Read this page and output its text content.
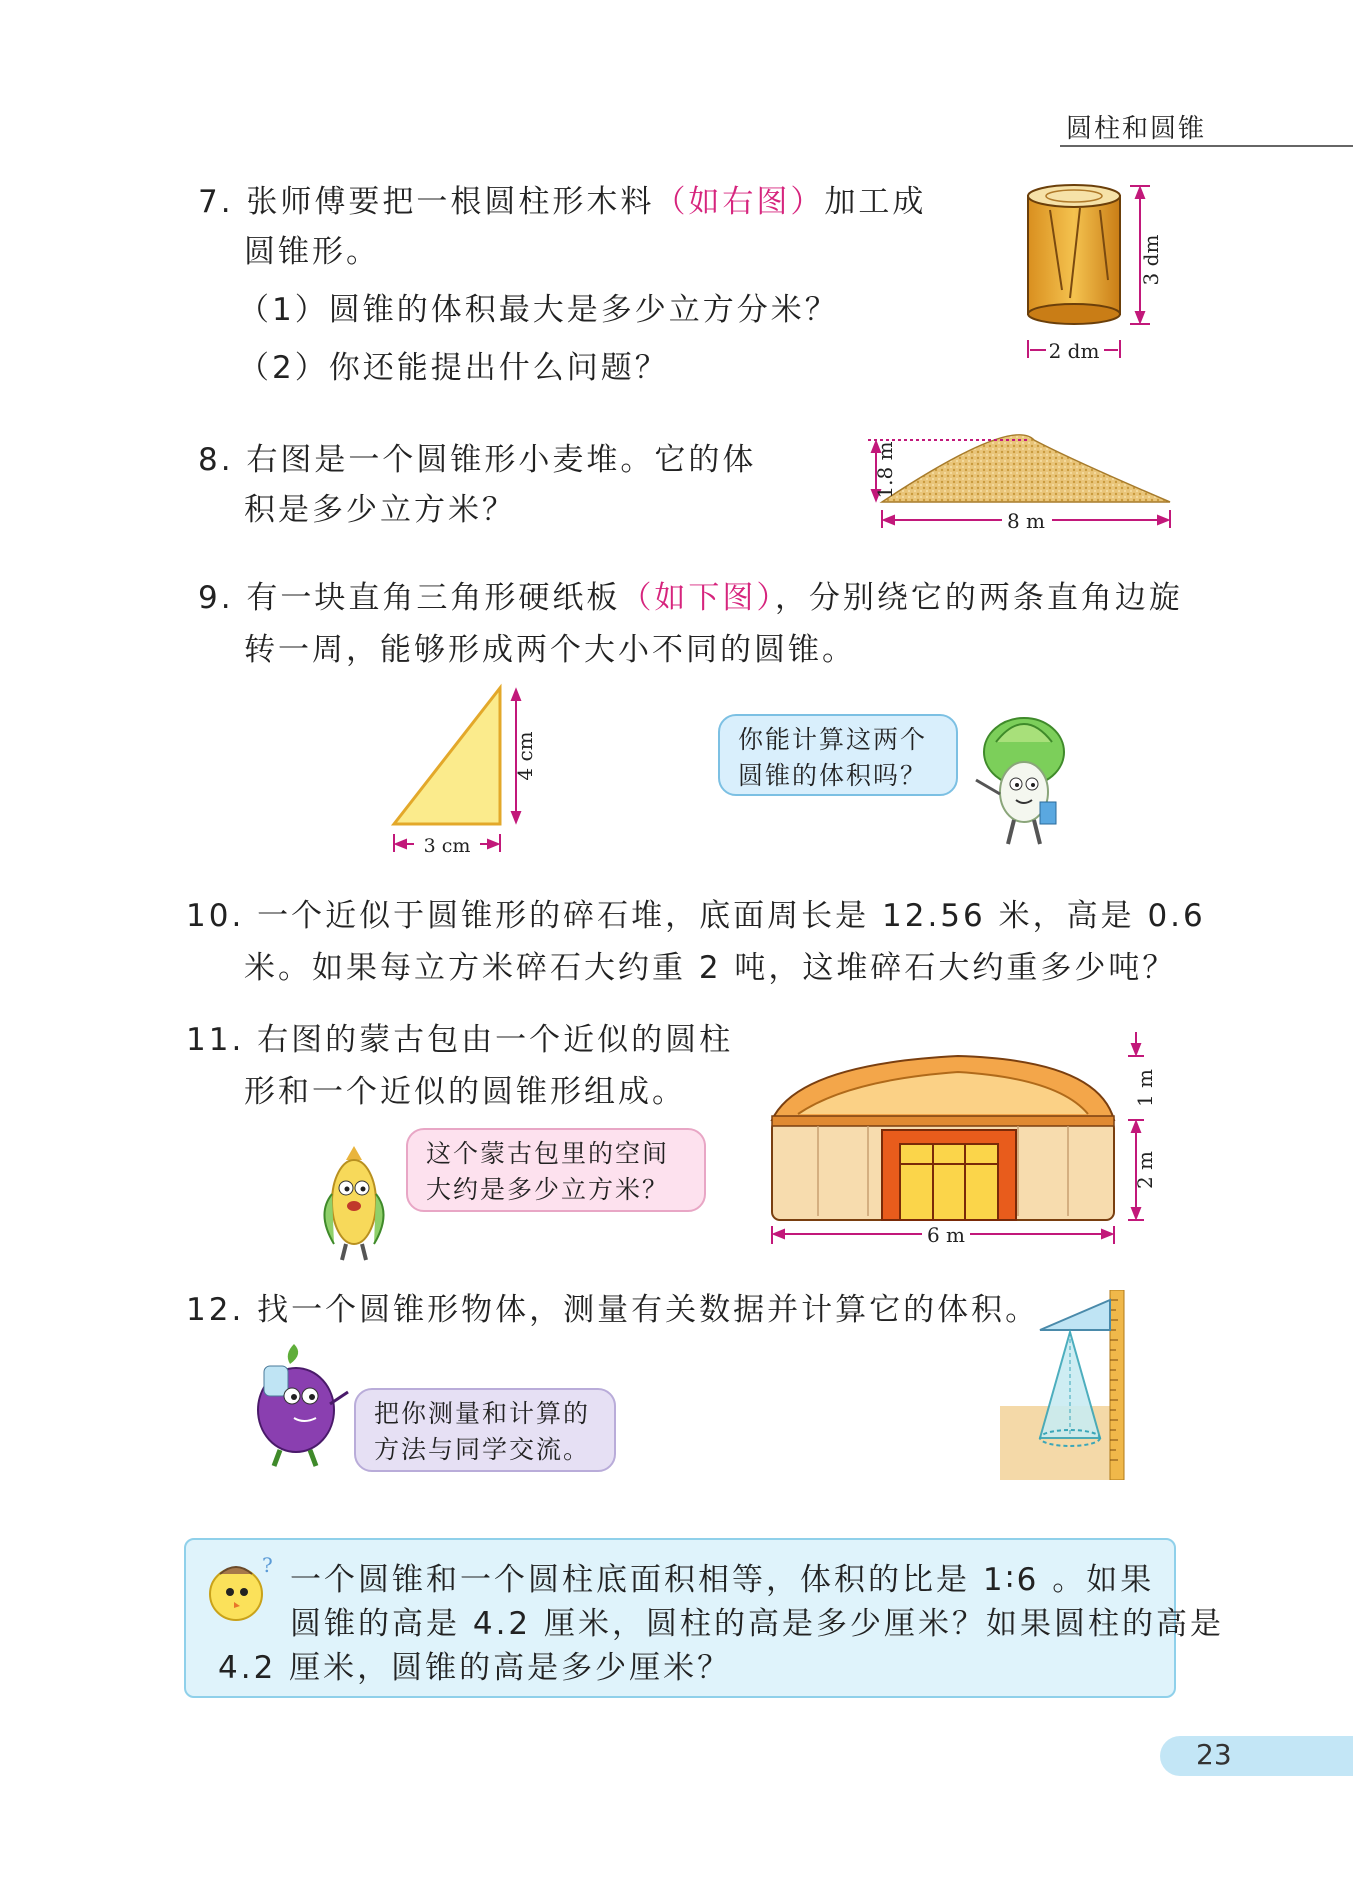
圆柱和圆锥
7. 张师傅要把一根圆柱形木料（如右图）加工成
圆锥形。
（1）圆锥的体积最大是多少立方分米？
（2）你还能提出什么问题？
3 dm
2 dm
8. 右图是一个圆锥形小麦堆。它的体
积是多少立方米？
1.8 m
8 m
9. 有一块直角三角形硬纸板（如下图），分别绕它的两条直角边旋
转一周，能够形成两个大小不同的圆锥。
4 cm
3 cm
你能计算这两个
圆锥的体积吗？
10. 一个近似于圆锥形的碎石堆，底面周长是 12.56 米，高是 0.6
米。如果每立方米碎石大约重 2 吨，这堆碎石大约重多少吨？
11. 右图的蒙古包由一个近似的圆柱
形和一个近似的圆锥形组成。
这个蒙古包里的空间
大约是多少立方米？
1 m
2 m
6 m
12. 找一个圆锥形物体，测量有关数据并计算它的体积。
把你测量和计算的
方法与同学交流。
? 一个圆锥和一个圆柱底面积相等，体积的比是 1∶6 。如果
圆锥的高是 4.2 厘米，圆柱的高是多少厘米？如果圆柱的高是
4.2 厘米，圆锥的高是多少厘米？
23
